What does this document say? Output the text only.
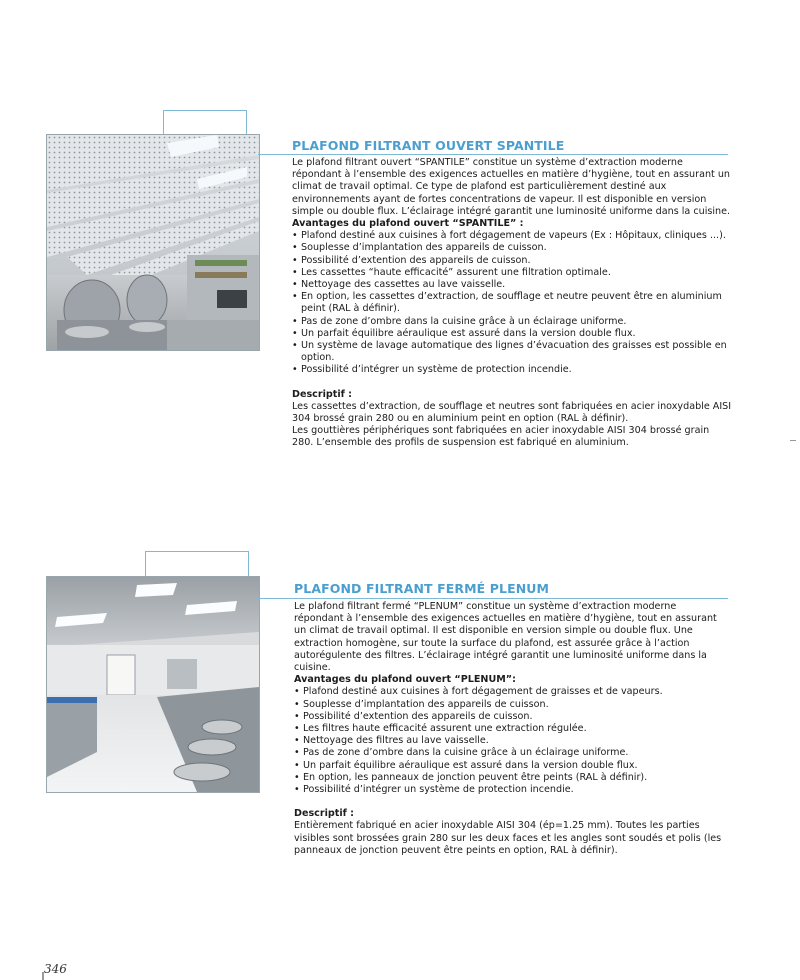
PLAFOND FILTRANT OUVERT SPANTILE

Le plafond filtrant ouvert “SPANTILE” constitue un système d’extraction moderne répondant à l’ensemble des exigences actuelles en matière d’hygiène, tout en assurant un climat de travail optimal. Ce type de plafond est particulièrement destiné aux environnements ayant de fortes concentrations de vapeur. Il est disponible en version simple ou double flux. L’éclairage intégré garantit une luminosité uniforme dans la cuisine.

Avantages du plafond ouvert “SPANTILE” :

• Plafond destiné aux cuisines à fort dégagement de vapeurs (Ex : Hôpitaux, cliniques ...).
• Souplesse d’implantation des appareils de cuisson.
• Possibilité d’extention des appareils de cuisson.
• Les cassettes “haute efficacité” assurent une filtration optimale.
• Nettoyage des cassettes au lave vaisselle.
• En option, les cassettes d’extraction, de soufflage et neutre peuvent être en aluminium peint (RAL à définir).
• Pas de zone d’ombre dans la cuisine grâce à un éclairage uniforme.
• Un parfait équilibre aéraulique est assuré dans la version double flux.
• Un système de lavage automatique des lignes d’évacuation des graisses est possible en option.
• Possibilité d’intégrer un système de protection incendie.

Descriptif :

Les cassettes d’extraction, de soufflage et neutres sont fabriquées en acier inoxydable AISI 304 brossé grain 280 ou en aluminium peint en option (RAL à définir).

Les gouttières périphériques sont fabriquées en acier inoxydable AISI 304 brossé grain 280. L’ensemble des profils de suspension est fabriqué en aluminium.

PLAFOND FILTRANT FERMÉ PLENUM

Le plafond filtrant fermé “PLENUM” constitue un système d’extraction moderne répondant à l’ensemble des exigences actuelles en matière d’hygiène, tout en assurant un climat de travail optimal. Il est disponible en version simple ou double flux. Une extraction homogène, sur toute la surface du plafond, est assurée grâce à l’action autorégulente des filtres. L’éclairage intégré garantit une luminosité uniforme dans la cuisine.

Avantages du plafond ouvert “PLENUM”:

• Plafond destiné aux cuisines à fort dégagement de graisses et de vapeurs.
• Souplesse d’implantation des appareils de cuisson.
• Possibilité d’extention des appareils de cuisson.
• Les filtres haute efficacité assurent une extraction régulée.
• Nettoyage des filtres au lave vaisselle.
• Pas de zone d’ombre dans la cuisine grâce à un éclairage uniforme.
• Un parfait équilibre aéraulique est assuré dans la version double flux.
• En option, les panneaux de jonction peuvent être peints (RAL à définir).
• Possibilité d’intégrer un système de protection incendie.

Descriptif :

Entièrement fabriqué en acier inoxydable AISI 304 (ép=1.25 mm). Toutes les parties visibles sont brossées grain 280 sur les deux faces et les angles sont soudés et polis (les panneaux de jonction peuvent être peints en option, RAL à définir).

346
